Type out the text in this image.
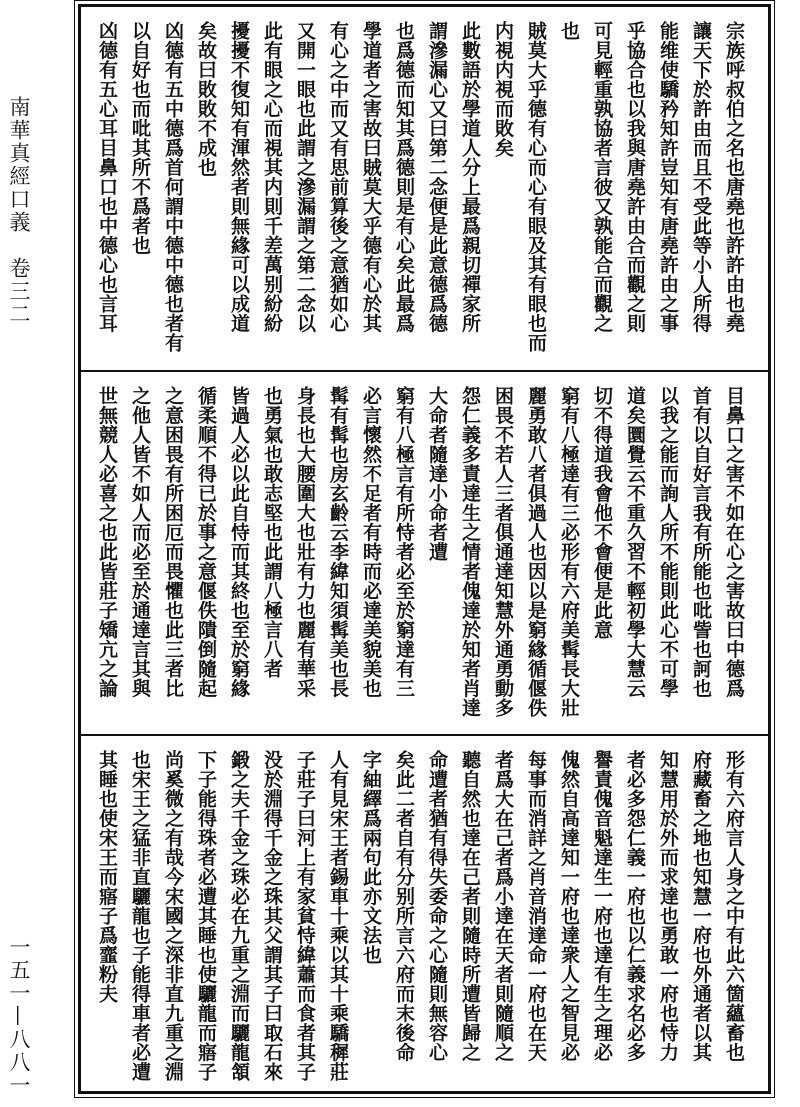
南華真經口義　卷三二
一五一—八八一
宗族呼叔伯之名也唐堯也許許由也堯
讓天下於許由而且不受此等小人所得
能维使驕矜知許豈知有唐堯許由之事
乎協合也以我與唐堯許由合而觀之則
可見輕重孰協者言彼又孰能合而觀之
也
賊莫大乎德有心而心有眼及其有眼也而
内視内視而敗矣
此數語於學道人分上最爲親切禪家所
謂滲漏心又曰第二念便是此意德爲德
也爲德而知其爲德則是有心矣此最爲
學道者之害故曰賊莫大乎德有心於其
有心之中而又有思前算後之意猶如心
又開一眼也此謂之滲漏謂之第二念以
此有眼之心而視其内則千差萬别紛紛
擾擾不復知有渾然者則無緣可以成道
矣故曰敗敗不成也
凶德有五中德爲首何謂中德中德也者有
以自好也而吡其所不爲者也
凶德有五心耳目鼻口也中德心也言耳
目鼻口之害不如在心之害故曰中德爲
首有以自好言我有所能也吡訾也訶也
以我之能而詢人所不能則此心不可學
道矣圜覺云不重久習不輕初學大慧云
切不得道我會他不會便是此意
窮有八極達有三必形有六府美髯長大壯
麗勇敢八者俱過人也因以是窮緣循偃佚
困畏不若人三者俱通達知慧外通勇動多
怨仁義多責達生之情者傀達於知者肖達
大命者隨達小命者遭
窮有八極言有所恃者必至於窮達有三
必言懷然不足者有時而必達美貌美也
髯有髯也房玄齡云李緯知須髯美也長
身長也大腰圍大也壯有力也麗有華采
也勇氣也敢志堅也此謂八極言八者
皆過人必以此自恃而其終也至於窮緣
循柔順不得已於事之意偃佚隤倒隨起
之意困畏有所困厄而畏懼也此三者比
之他人皆不如人而必至於通達言其與
世無競人必喜之也此皆莊子矯亢之論
形有六府言人身之中有此六箇蘊畜也
府藏畜之地也知慧一府也外通者以其
知慧用於外而求達也勇敢一府也恃力
者必多怨仁義一府也以仁義求名必多
譽責傀音魁達生一府也達有生之理必
傀然自高達知一府也達衆人之智見必
每事而消詳之肖音消達命一府也在天
者爲大在己者爲小達在天者則隨順之
聽自然也達在己者則隨時所遭皆歸之
命遭者猶有得失委命之心隨則無容心
矣此二者自有分别所言六府而末後命
字紬繹爲兩句此亦文法也
人有見宋王者錫車十乘以其十乘驕穉莊
子莊子曰河上有家貧恃緯蕭而食者其子
没於淵得千金之珠其父謂其子曰取石來
鍛之夫千金之珠必在九重之淵而驪龍頷
下子能得珠者必遭其睡也使驪龍而寤子
尚奚微之有哉今宋國之深非直九重之淵
也宋王之猛非直驪龍也子能得車者必遭
其睡也使宋王而寤子爲韲粉夫
